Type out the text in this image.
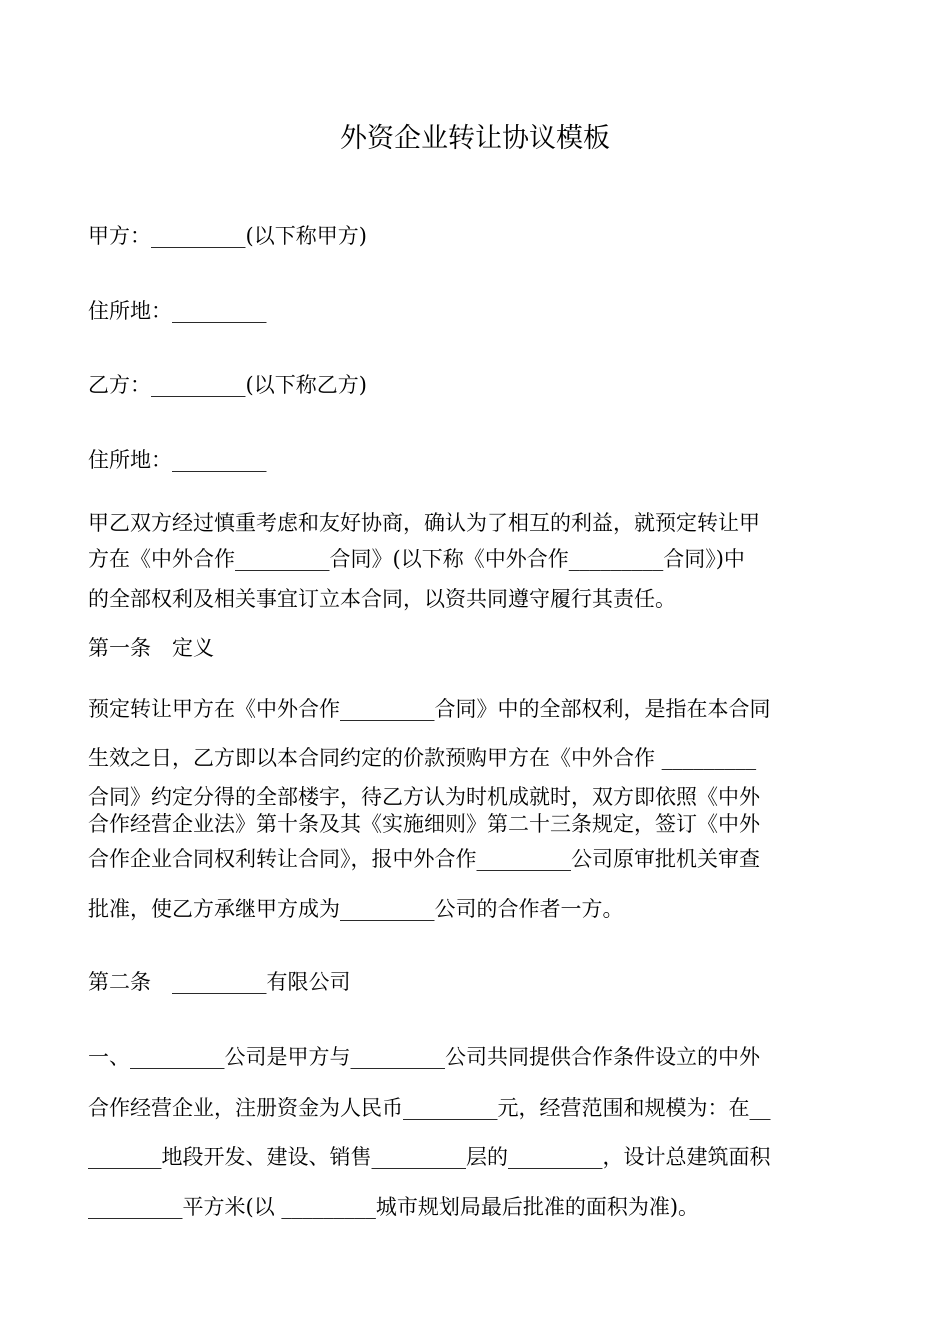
外资企业转让协议模板
甲方：_________(以下称甲方)
住所地：_________
乙方：_________(以下称乙方)
住所地：_________
甲乙双方经过慎重考虑和友好协商，确认为了相互的利益，就预定转让甲
方在《中外合作_________合同》(以下称《中外合作_________合同》)中
的全部权利及相关事宜订立本合同，以资共同遵守履行其责任。
第一条　定义
预定转让甲方在《中外合作_________合同》中的全部权利，是指在本合同
生效之日，乙方即以本合同约定的价款预购甲方在《中外合作 _________
合同》约定分得的全部楼宇，待乙方认为时机成就时，双方即依照《中外
合作经营企业法》第十条及其《实施细则》第二十三条规定，签订《中外
合作企业合同权利转让合同》，报中外合作_________公司原审批机关审查
批准，使乙方承继甲方成为_________公司的合作者一方。
第二条　_________有限公司
一、_________公司是甲方与_________公司共同提供合作条件设立的中外
合作经营企业，注册资金为人民币_________元，经营范围和规模为：在__
_______地段开发、建设、销售_________层的_________，设计总建筑面积
_________平方米(以 _________城市规划局最后批准的面积为准)。
